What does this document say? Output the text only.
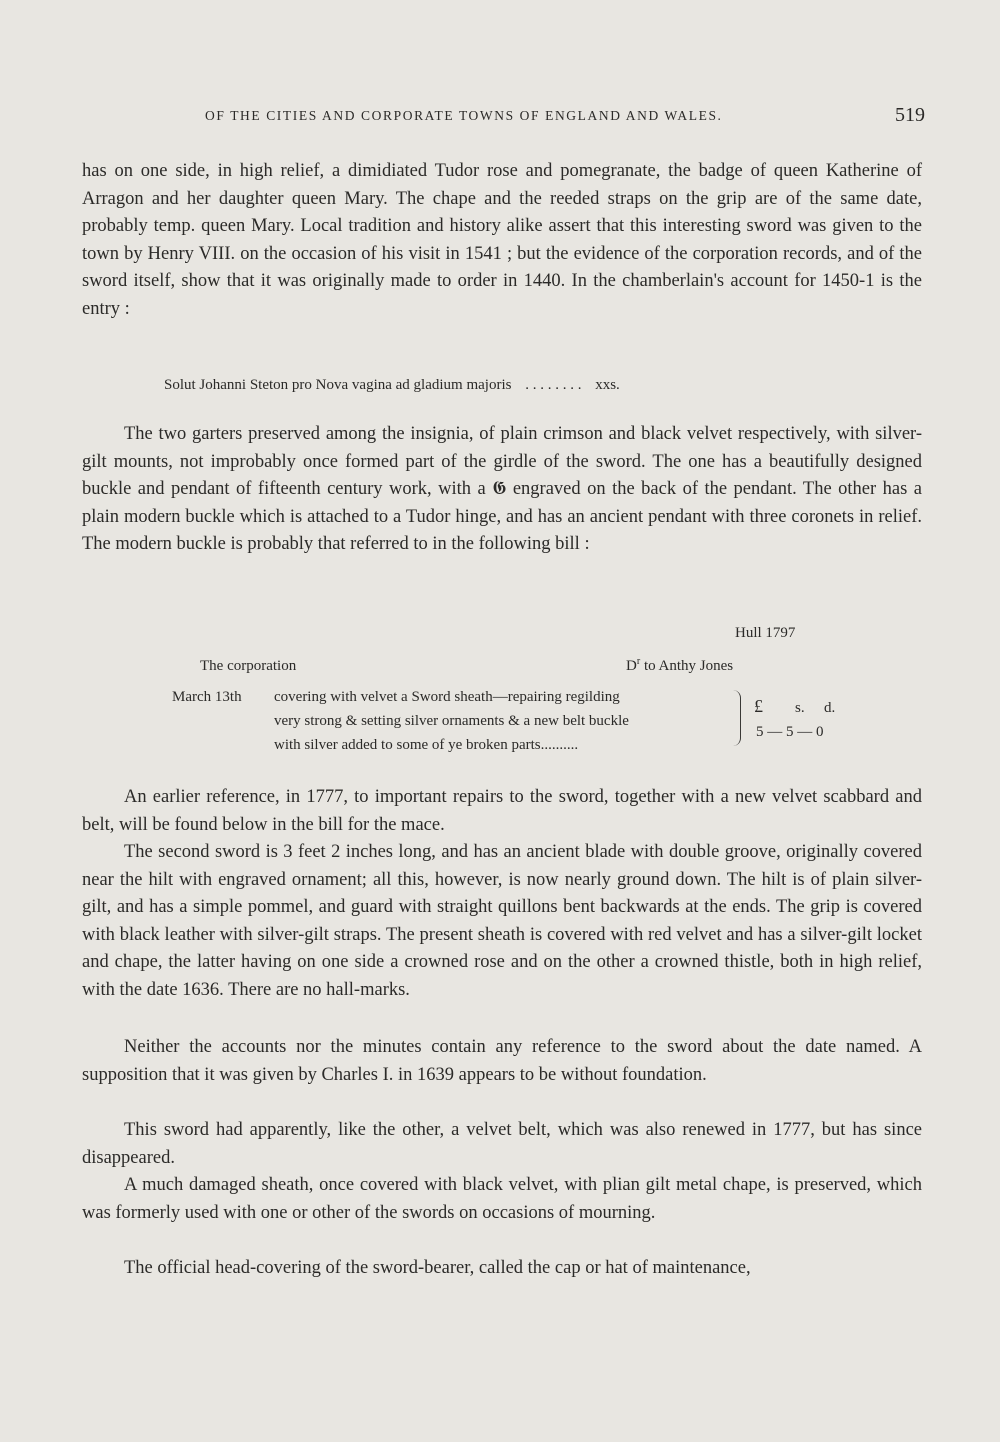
OF THE CITIES AND CORPORATE TOWNS OF ENGLAND AND WALES.	519

has on one side, in high relief, a dimidiated Tudor rose and pomegranate, the badge of queen Katherine of Arragon and her daughter queen Mary. The chape and the reeded straps on the grip are of the same date, probably temp. queen Mary. Local tradition and history alike assert that this interesting sword was given to the town by Henry VIII. on the occasion of his visit in 1541 ; but the evidence of the corporation records, and of the sword itself, show that it was originally made to order in 1440. In the chamberlain's account for 1450-1 is the entry :

Solut Johanni Steton pro Nova vagina ad gladium majoris . . . . . . . . xxs.

The two garters preserved among the insignia, of plain crimson and black velvet respectively, with silver-gilt mounts, not improbably once formed part of the girdle of the sword. The one has a beautifully designed buckle and pendant of fifteenth century work, with a 𝕲 engraved on the back of the pendant. The other has a plain modern buckle which is attached to a Tudor hinge, and has an ancient pendant with three coronets in relief. The modern buckle is probably that referred to in the following bill :

Hull 1797
The corporation	$D^r$ to Anthy Jones
March 13th covering with velvet a Sword sheath—repairing regilding
very strong & setting silver ornaments & a new belt buckle
with silver added to some of ye broken parts..........
£ s. d.
5 — 5 — 0

An earlier reference, in 1777, to important repairs to the sword, together with a new velvet scabbard and belt, will be found below in the bill for the mace.

The second sword is 3 feet 2 inches long, and has an ancient blade with double groove, originally covered near the hilt with engraved ornament; all this, however, is now nearly ground down. The hilt is of plain silver-gilt, and has a simple pommel, and guard with straight quillons bent backwards at the ends. The grip is covered with black leather with silver-gilt straps. The present sheath is covered with red velvet and has a silver-gilt locket and chape, the latter having on one side a crowned rose and on the other a crowned thistle, both in high relief, with the date 1636. There are no hall-marks.

Neither the accounts nor the minutes contain any reference to the sword about the date named. A supposition that it was given by Charles I. in 1639 appears to be without foundation.

This sword had apparently, like the other, a velvet belt, which was also renewed in 1777, but has since disappeared.

A much damaged sheath, once covered with black velvet, with plian gilt metal chape, is preserved, which was formerly used with one or other of the swords on occasions of mourning.

The official head-covering of the sword-bearer, called the cap or hat of maintenance,
